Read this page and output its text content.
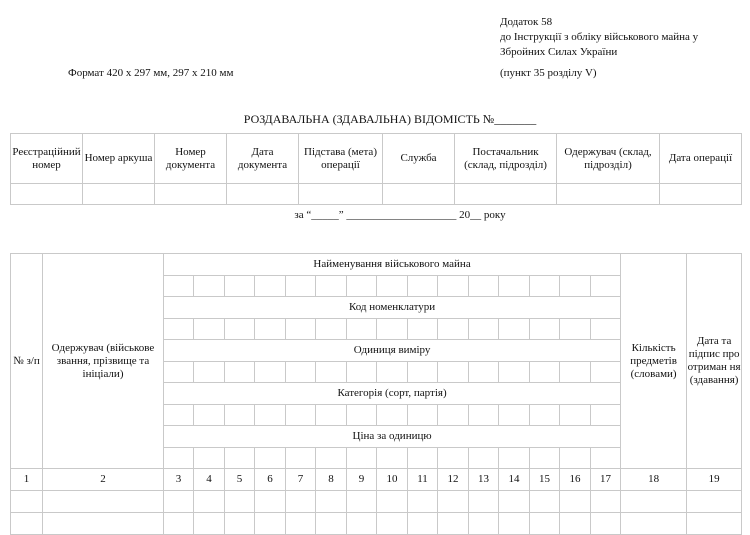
Додаток 58
до Інструкції з обліку військового майна у
Збройних Силах України
(пункт 35 розділу V)
Формат 420 х 297 мм, 297 х 210 мм
РОЗДАВАЛЬНА (ЗДАВАЛЬНА) ВІДОМІСТЬ №_______
Реєстраційний номер	Номер аркуша	Номер документа	Дата документа	Підстава (мета) операції	Служба	Постачальник (склад, підрозділ)	Одержувач (склад, підрозділ)	Дата операції

за “_____” ____________________ 20__ року
№ з/п	Одержувач (військове звання, прізвище та ініціали)	Найменування військового майна															Кількість предметів (словами)	Дата та підпис про отриман ня (здавання)

		Код номенклатури																

		Одиниця виміру																

		Категорія (сорт, партія)																

		Ціна за одиницю																

1	2	3	4	5	6	7	8	9	10	11	12	13	14	15	16	17	18	19
